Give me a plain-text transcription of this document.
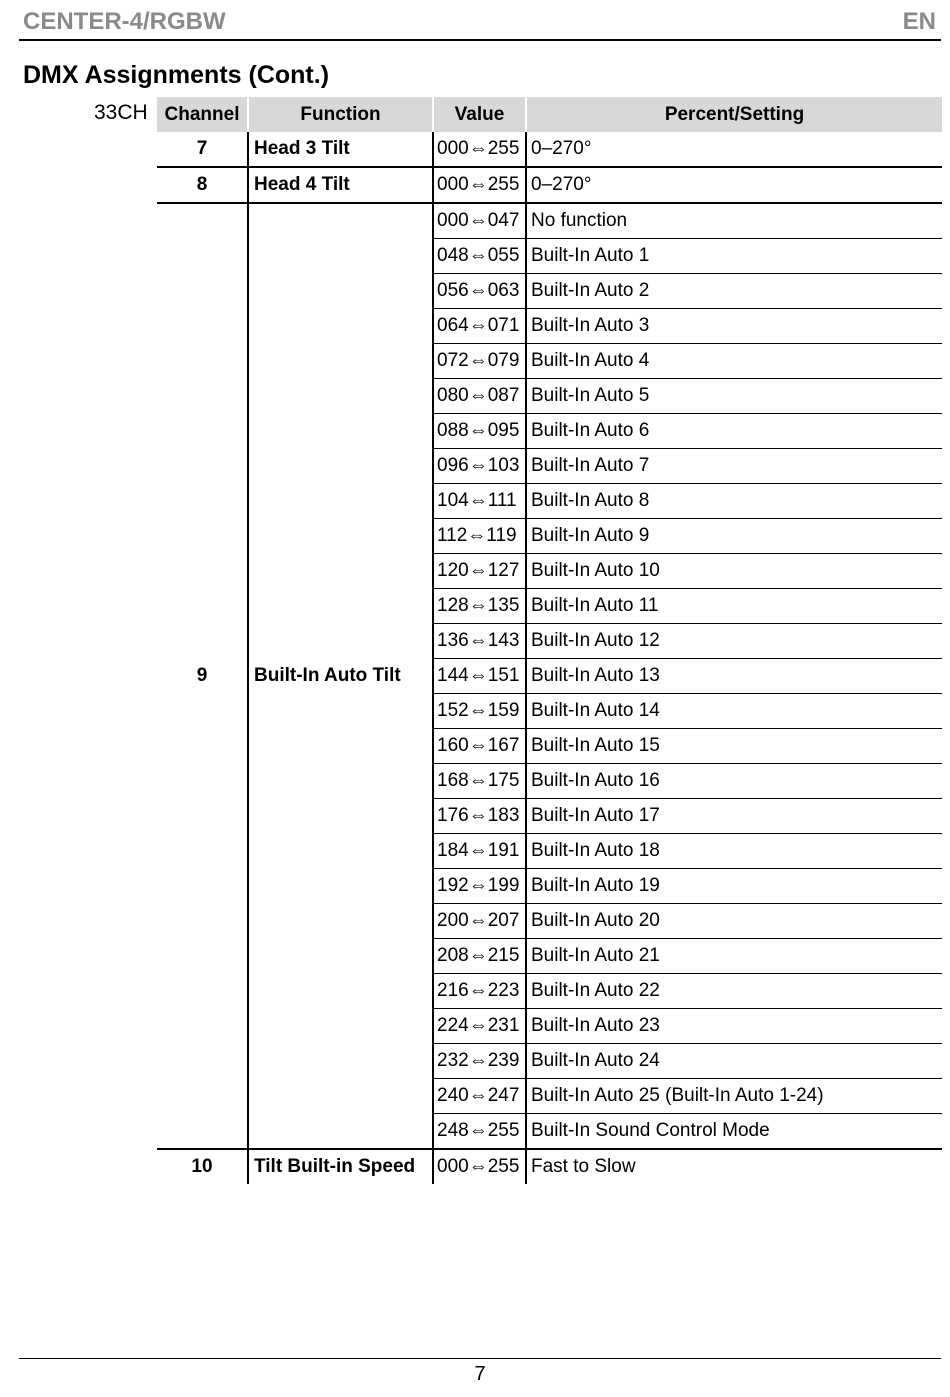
CENTER-4/RGBW	EN
DMX Assignments (Cont.)
33CH Channel	Function	Value	Percent/Setting
7	Head 3 Tilt	000⇔255	0–270°
8	Head 4 Tilt	000⇔255	0–270°
9	Built-In Auto Tilt	000⇔047	No function
		048⇔055	Built-In Auto 1
		056⇔063	Built-In Auto 2
		064⇔071	Built-In Auto 3
		072⇔079	Built-In Auto 4
		080⇔087	Built-In Auto 5
		088⇔095	Built-In Auto 6
		096⇔103	Built-In Auto 7
		104⇔111	Built-In Auto 8
		112⇔119	Built-In Auto 9
		120⇔127	Built-In Auto 10
		128⇔135	Built-In Auto 11
		136⇔143	Built-In Auto 12
		144⇔151	Built-In Auto 13
		152⇔159	Built-In Auto 14
		160⇔167	Built-In Auto 15
		168⇔175	Built-In Auto 16
		176⇔183	Built-In Auto 17
		184⇔191	Built-In Auto 18
		192⇔199	Built-In Auto 19
		200⇔207	Built-In Auto 20
		208⇔215	Built-In Auto 21
		216⇔223	Built-In Auto 22
		224⇔231	Built-In Auto 23
		232⇔239	Built-In Auto 24
		240⇔247	Built-In Auto 25 (Built-In Auto 1-24)
		248⇔255	Built-In Sound Control Mode
10	Tilt Built-in Speed	000⇔255	Fast to Slow
7
